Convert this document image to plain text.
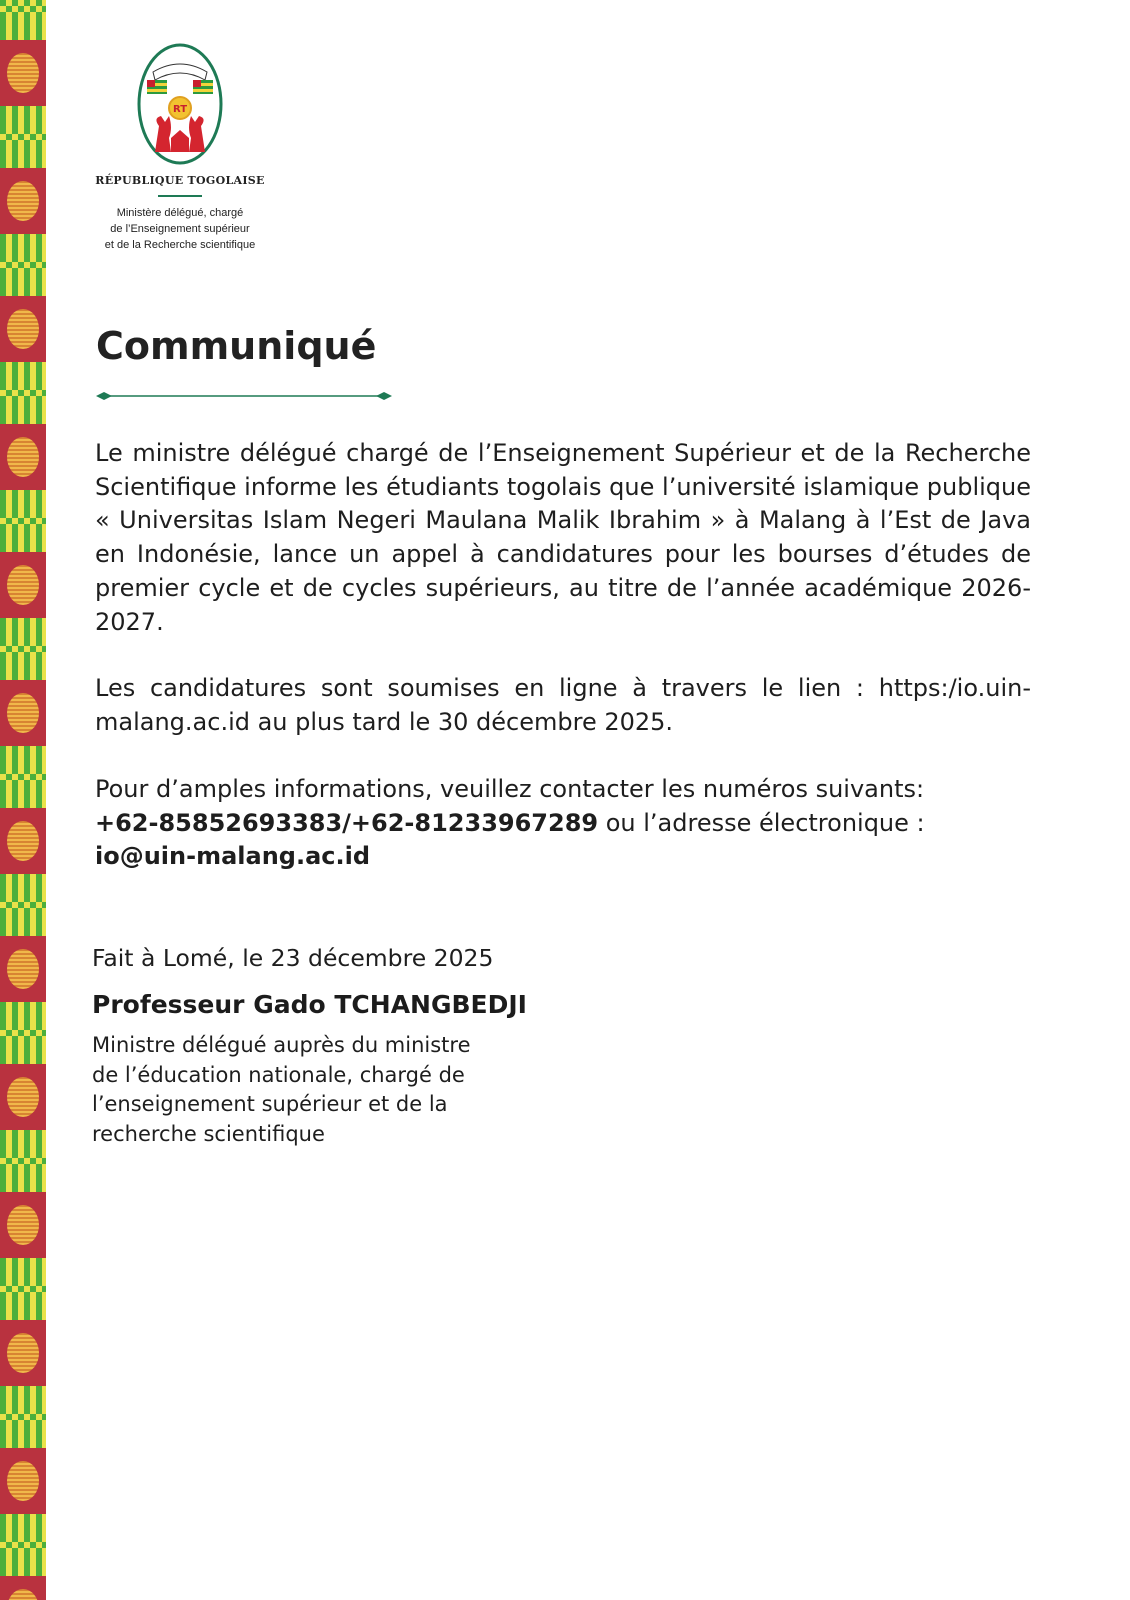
RT
RÉPUBLIQUE TOGOLAISE
Ministère délégué, chargé
de l’Enseignement supérieur
et de la Recherche scientifique
Communiqué

Le ministre délégué chargé de l’Enseignement Supérieur et de la Recherche Scientifique informe les étudiants togolais que l’université islamique publique « Universitas Islam Negeri Maulana Malik Ibrahim » à Malang à l’Est de Java en Indonésie, lance un appel à candidatures pour les bourses d’études de premier cycle et de cycles supérieurs, au titre de l’année académique 2026-2027.

Les candidatures sont soumises en ligne à travers le lien : https:/io.uin-malang.ac.id au plus tard le 30 décembre 2025.

Pour d’amples informations, veuillez contacter les numéros suivants:
+62-85852693383/+62-81233967289 ou l’adresse électronique :
io@uin-malang.ac.id

Fait à Lomé, le 23 décembre 2025
Professeur Gado TCHANGBEDJI
Ministre délégué auprès du ministre
de l’éducation nationale, chargé de
l’enseignement supérieur et de la
recherche scientifique
